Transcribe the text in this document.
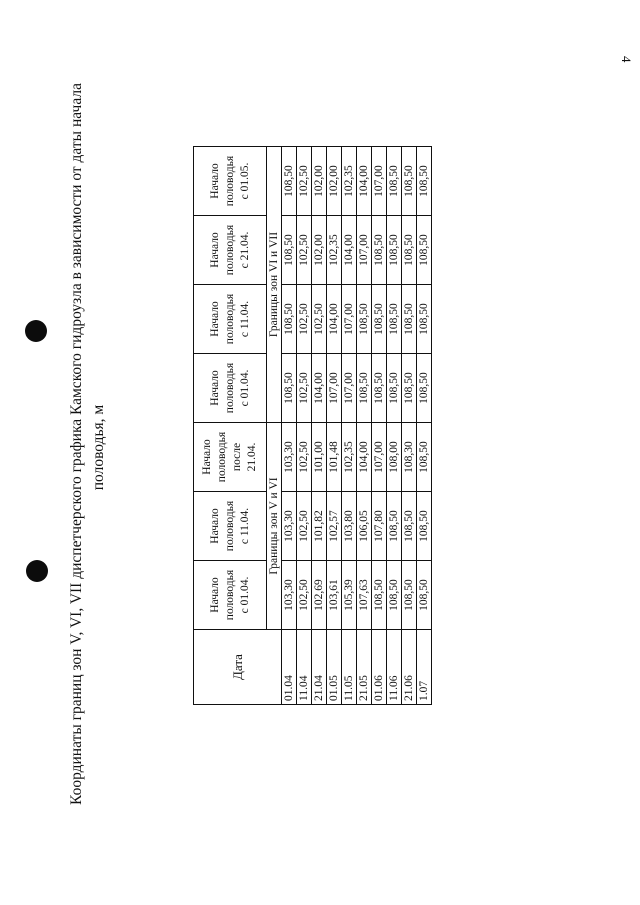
4
Координаты границ зон V, VI, VII диспетчерского графика Камского гидроузла в зависимости от даты начала половодья, м
Дата	Начало половодья с 01.04.	Начало половодья с 11.04.	Начало половодья после 21.04.	Начало половодья с 01.04.	Начало половодья с 11.04.	Начало половодья с 21.04.	Начало половодья с 01.05.
	Границы зон V и VI			Границы зон VI и VII			
01.04	103,30	103,30	103,30	108,50	108,50	108,50	108,50
11.04	102,50	102,50	102,50	102,50	102,50	102,50	102,50
21.04	102,69	101,82	101,00	104,00	102,50	102,00	102,00
01.05	103,61	102,57	101,48	107,00	104,00	102,35	102,00
11.05	105,39	103,80	102,35	107,00	107,00	104,00	102,35
21.05	107,63	106,05	104,00	108,50	108,50	107,00	104,00
01.06	108,50	107,80	107,00	108,50	108,50	108,50	107,00
11.06	108,50	108,50	108,00	108,50	108,50	108,50	108,50
21.06	108,50	108,50	108,30	108,50	108,50	108,50	108,50
1.07	108,50	108,50	108,50	108,50	108,50	108,50	108,50
